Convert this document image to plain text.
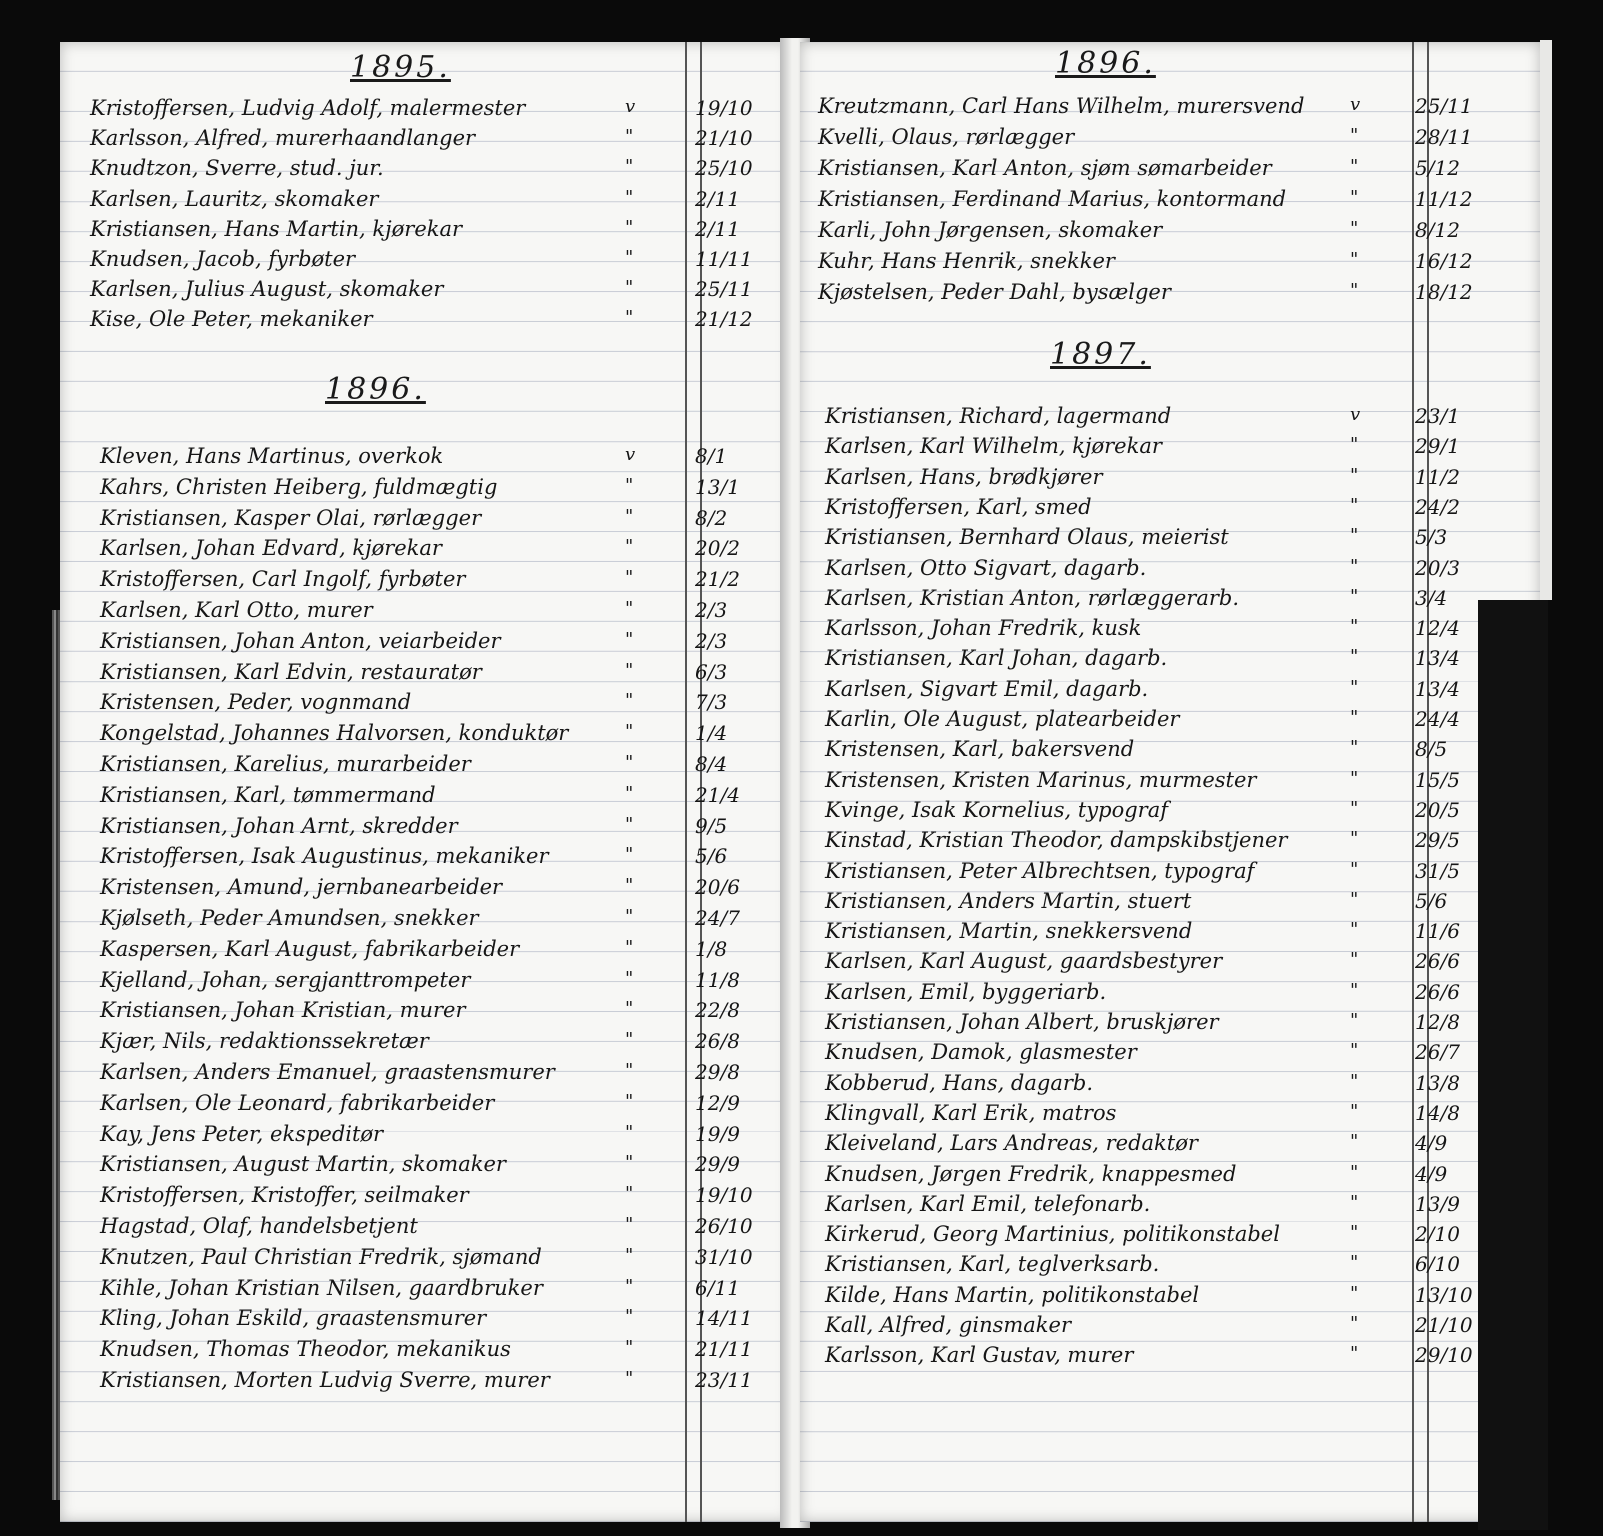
1895.
Kristoffersen, Ludvig Adolf, malermester	v	19/10
Karlsson, Alfred, murerhaandlanger	"	21/10
Knudtzon, Sverre, stud. jur.	"	25/10
Karlsen, Lauritz, skomaker	"	2/11
Kristiansen, Hans Martin, kjørekar	"	2/11
Knudsen, Jacob, fyrbøter	"	11/11
Karlsen, Julius August, skomaker	"	25/11
Kise, Ole Peter, mekaniker	"	21/12
1896.
Kleven, Hans Martinus, overkok	v	8/1
Kahrs, Christen Heiberg, fuldmægtig	"	13/1
Kristiansen, Kasper Olai, rørlægger	"	8/2
Karlsen, Johan Edvard, kjørekar	"	20/2
Kristoffersen, Carl Ingolf, fyrbøter	"	21/2
Karlsen, Karl Otto, murer	"	2/3
Kristiansen, Johan Anton, veiarbeider	"	2/3
Kristiansen, Karl Edvin, restauratør	"	6/3
Kristensen, Peder, vognmand	"	7/3
Kongelstad, Johannes Halvorsen, konduktør	"	1/4
Kristiansen, Karelius, murarbeider	"	8/4
Kristiansen, Karl, tømmermand	"	21/4
Kristiansen, Johan Arnt, skredder	"	9/5
Kristoffersen, Isak Augustinus, mekaniker	"	5/6
Kristensen, Amund, jernbanearbeider	"	20/6
Kjølseth, Peder Amundsen, snekker	"	24/7
Kaspersen, Karl August, fabrikarbeider	"	1/8
Kjelland, Johan, sergjanttrompeter	"	11/8
Kristiansen, Johan Kristian, murer	"	22/8
Kjær, Nils, redaktionssekretær	"	26/8
Karlsen, Anders Emanuel, graastensmurer	"	29/8
Karlsen, Ole Leonard, fabrikarbeider	"	12/9
Kay, Jens Peter, ekspeditør	"	19/9
Kristiansen, August Martin, skomaker	"	29/9
Kristoffersen, Kristoffer, seilmaker	"	19/10
Hagstad, Olaf, handelsbetjent	"	26/10
Knutzen, Paul Christian Fredrik, sjømand	"	31/10
Kihle, Johan Kristian Nilsen, gaardbruker	"	6/11
Kling, Johan Eskild, graastensmurer	"	14/11
Knudsen, Thomas Theodor, mekanikus	"	21/11
Kristiansen, Morten Ludvig Sverre, murer	"	23/11
1896.
Kreutzmann, Carl Hans Wilhelm, murersvend	v	25/11
Kvelli, Olaus, rørlægger	"	28/11
Kristiansen, Karl Anton, sjøm sømarbeider	"	5/12
Kristiansen, Ferdinand Marius, kontormand	"	11/12
Karli, John Jørgensen, skomaker	"	8/12
Kuhr, Hans Henrik, snekker	"	16/12
Kjøstelsen, Peder Dahl, bysælger	"	18/12
1897.
Kristiansen, Richard, lagermand	v	23/1
Karlsen, Karl Wilhelm, kjørekar	"	29/1
Karlsen, Hans, brødkjører	"	11/2
Kristoffersen, Karl, smed	"	24/2
Kristiansen, Bernhard Olaus, meierist	"	5/3
Karlsen, Otto Sigvart, dagarb.	"	20/3
Karlsen, Kristian Anton, rørlæggerarb.	"	3/4
Karlsson, Johan Fredrik, kusk	"	12/4
Kristiansen, Karl Johan, dagarb.	"	13/4
Karlsen, Sigvart Emil, dagarb.	"	13/4
Karlin, Ole August, platearbeider	"	24/4
Kristensen, Karl, bakersvend	"	8/5
Kristensen, Kristen Marinus, murmester	"	15/5
Kvinge, Isak Kornelius, typograf	"	20/5
Kinstad, Kristian Theodor, dampskibstjener	"	29/5
Kristiansen, Peter Albrechtsen, typograf	"	31/5
Kristiansen, Anders Martin, stuert	"	5/6
Kristiansen, Martin, snekkersvend	"	11/6
Karlsen, Karl August, gaardsbestyrer	"	26/6
Karlsen, Emil, byggeriarb.	"	26/6
Kristiansen, Johan Albert, bruskjører	"	12/8
Knudsen, Damok, glasmester	"	26/7
Kobberud, Hans, dagarb.	"	13/8
Klingvall, Karl Erik, matros	"	14/8
Kleiveland, Lars Andreas, redaktør	"	4/9
Knudsen, Jørgen Fredrik, knappesmed	"	4/9
Karlsen, Karl Emil, telefonarb.	"	13/9
Kirkerud, Georg Martinius, politikonstabel	"	2/10
Kristiansen, Karl, teglverksarb.	"	6/10
Kilde, Hans Martin, politikonstabel	"	13/10
Kall, Alfred, ginsmaker	"	21/10
Karlsson, Karl Gustav, murer	"	29/10
